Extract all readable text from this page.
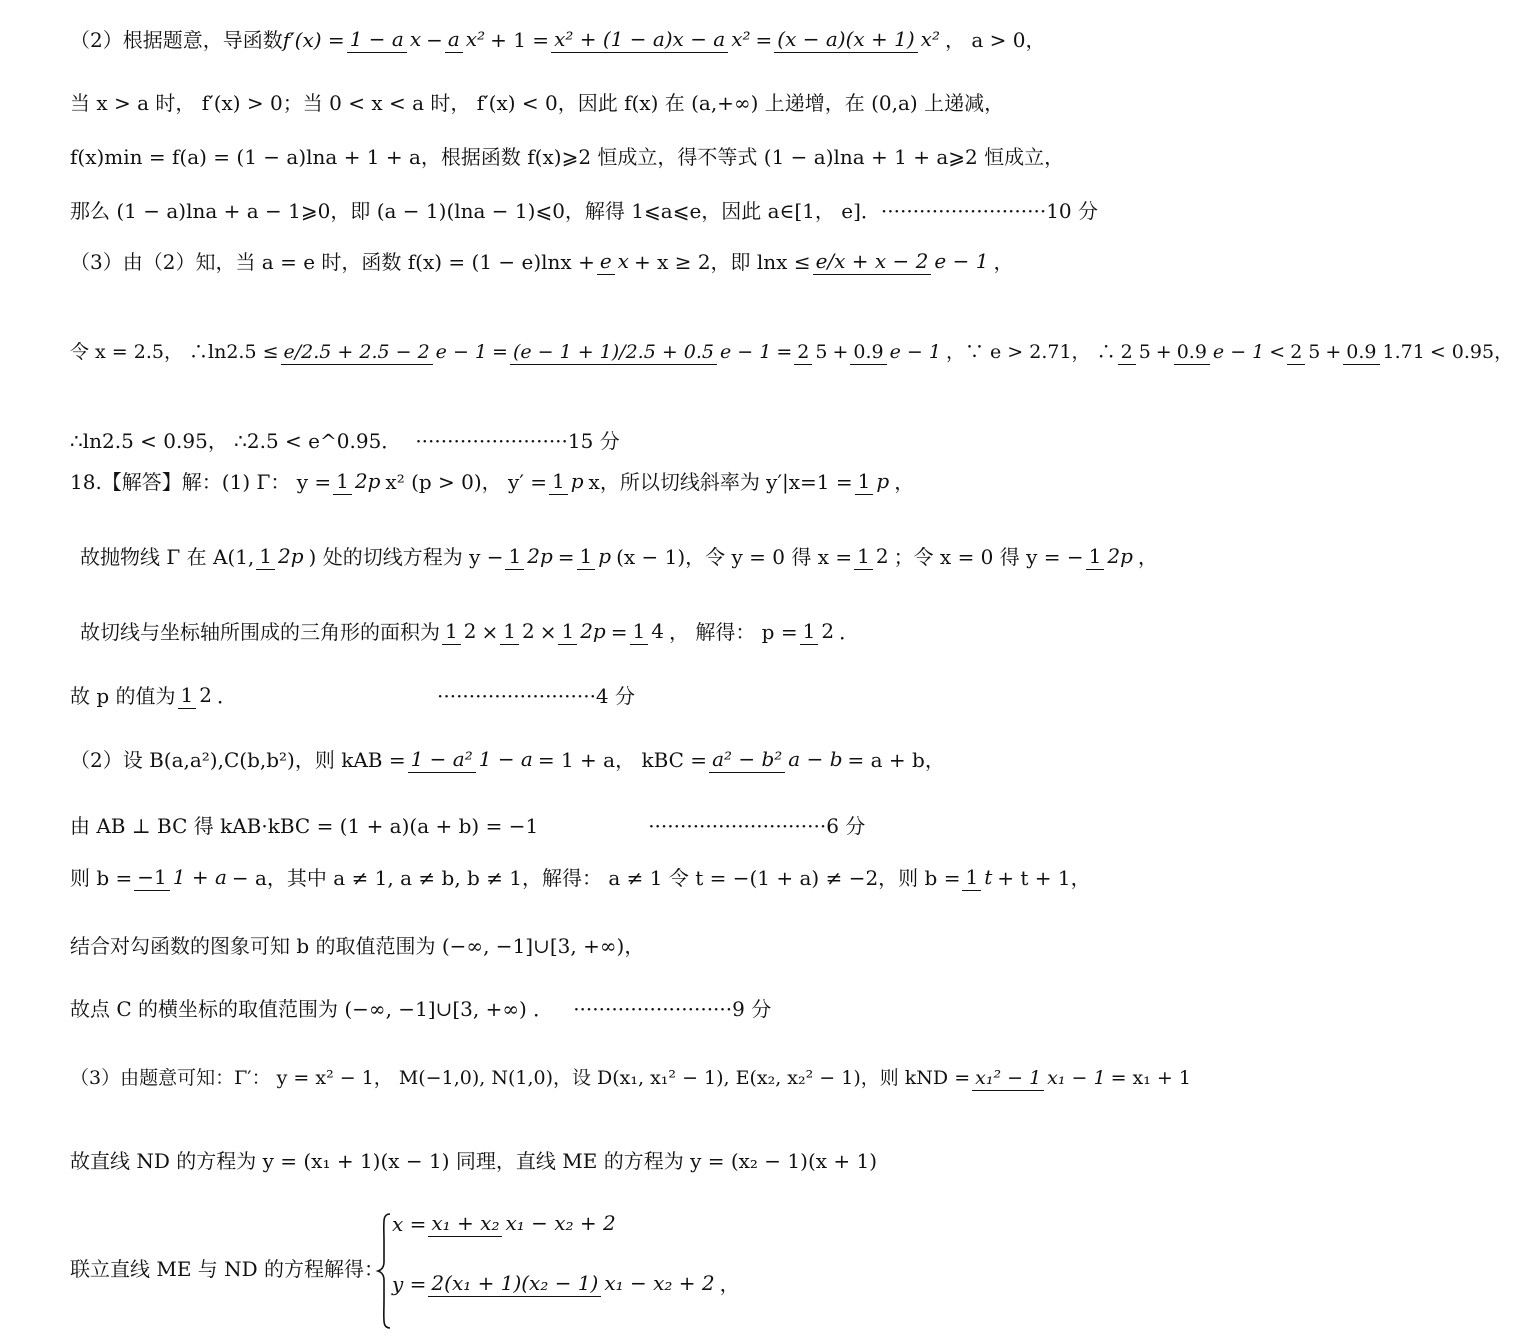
（2）根据题意，导函数 f′(x) = 1 − a x − a x² + 1 = x² + (1 − a)x − a x² = (x − a)(x + 1) x² ， a > 0，
当 x > a 时， f′(x) > 0；当 0 < x < a 时， f′(x) < 0，因此 f(x) 在 (a,+∞) 上递增，在 (0,a) 上递减，
f(x)min = f(a) = (1 − a)lna + 1 + a，根据函数 f(x)⩾2 恒成立，得不等式 (1 − a)lna + 1 + a⩾2 恒成立，
那么 (1 − a)lna + a − 1⩾0，即 (a − 1)(lna − 1)⩽0，解得 1⩽a⩽e，因此 a∈[1， e]． ··························10 分
（3）由（2）知，当 a = e 时，函数 f(x) = (1 − e)lnx + e x + x ≥ 2，即 lnx ≤ e/x + x − 2 e − 1 ，
令 x = 2.5， ∴ln2.5 ≤ e/2.5 + 2.5 − 2 e − 1 = (e − 1 + 1)/2.5 + 0.5 e − 1 = 2 5 + 0.9 e − 1 ，∵ e > 2.71， ∴ 2 5 + 0.9 e − 1 < 2 5 + 0.9 1.71 < 0.95，
∴ln2.5 < 0.95， ∴2.5 < e^0.95． ························15 分
18.【解答】解：(1) Γ： y = 1 2p x² (p > 0)， y′ = 1 p x，所以切线斜率为 y′|x=1 = 1 p ，
故抛物线 Γ 在 A(1, 1 2p ) 处的切线方程为 y − 1 2p = 1 p (x − 1)，令 y = 0 得 x = 1 2 ；令 x = 0 得 y = − 1 2p ，
故切线与坐标轴所围成的三角形的面积为 1 2 × 1 2 × 1 2p = 1 4 ， 解得： p = 1 2 ．
故 p 的值为 1 2 ．	·························4 分
（2）设 B(a,a²),C(b,b²)，则 kAB = 1 − a² 1 − a = 1 + a， kBC = a² − b² a − b = a + b，
由 AB ⊥ BC 得 kAB·kBC = (1 + a)(a + b) = −1	····························6 分
则 b = −1 1 + a − a，其中 a ≠ 1, a ≠ b, b ≠ 1，解得： a ≠ 1 令 t = −(1 + a) ≠ −2，则 b = 1 t + t + 1，
结合对勾函数的图象可知 b 的取值范围为 (−∞, −1]∪[3, +∞)，
故点 C 的横坐标的取值范围为 (−∞, −1]∪[3, +∞) ． ·························9 分
（3）由题意可知：Γ′： y = x² − 1， M(−1,0), N(1,0)，设 D(x₁, x₁² − 1), E(x₂, x₂² − 1)，则 kND = x₁² − 1 x₁ − 1 = x₁ + 1
故直线 ND 的方程为 y = (x₁ + 1)(x − 1) 同理，直线 ME 的方程为 y = (x₂ − 1)(x + 1)
联立直线 ME 与 ND 的方程解得：
x = x₁ + x₂ x₁ − x₂ + 2
y = 2(x₁ + 1)(x₂ − 1) x₁ − x₂ + 2 ，
